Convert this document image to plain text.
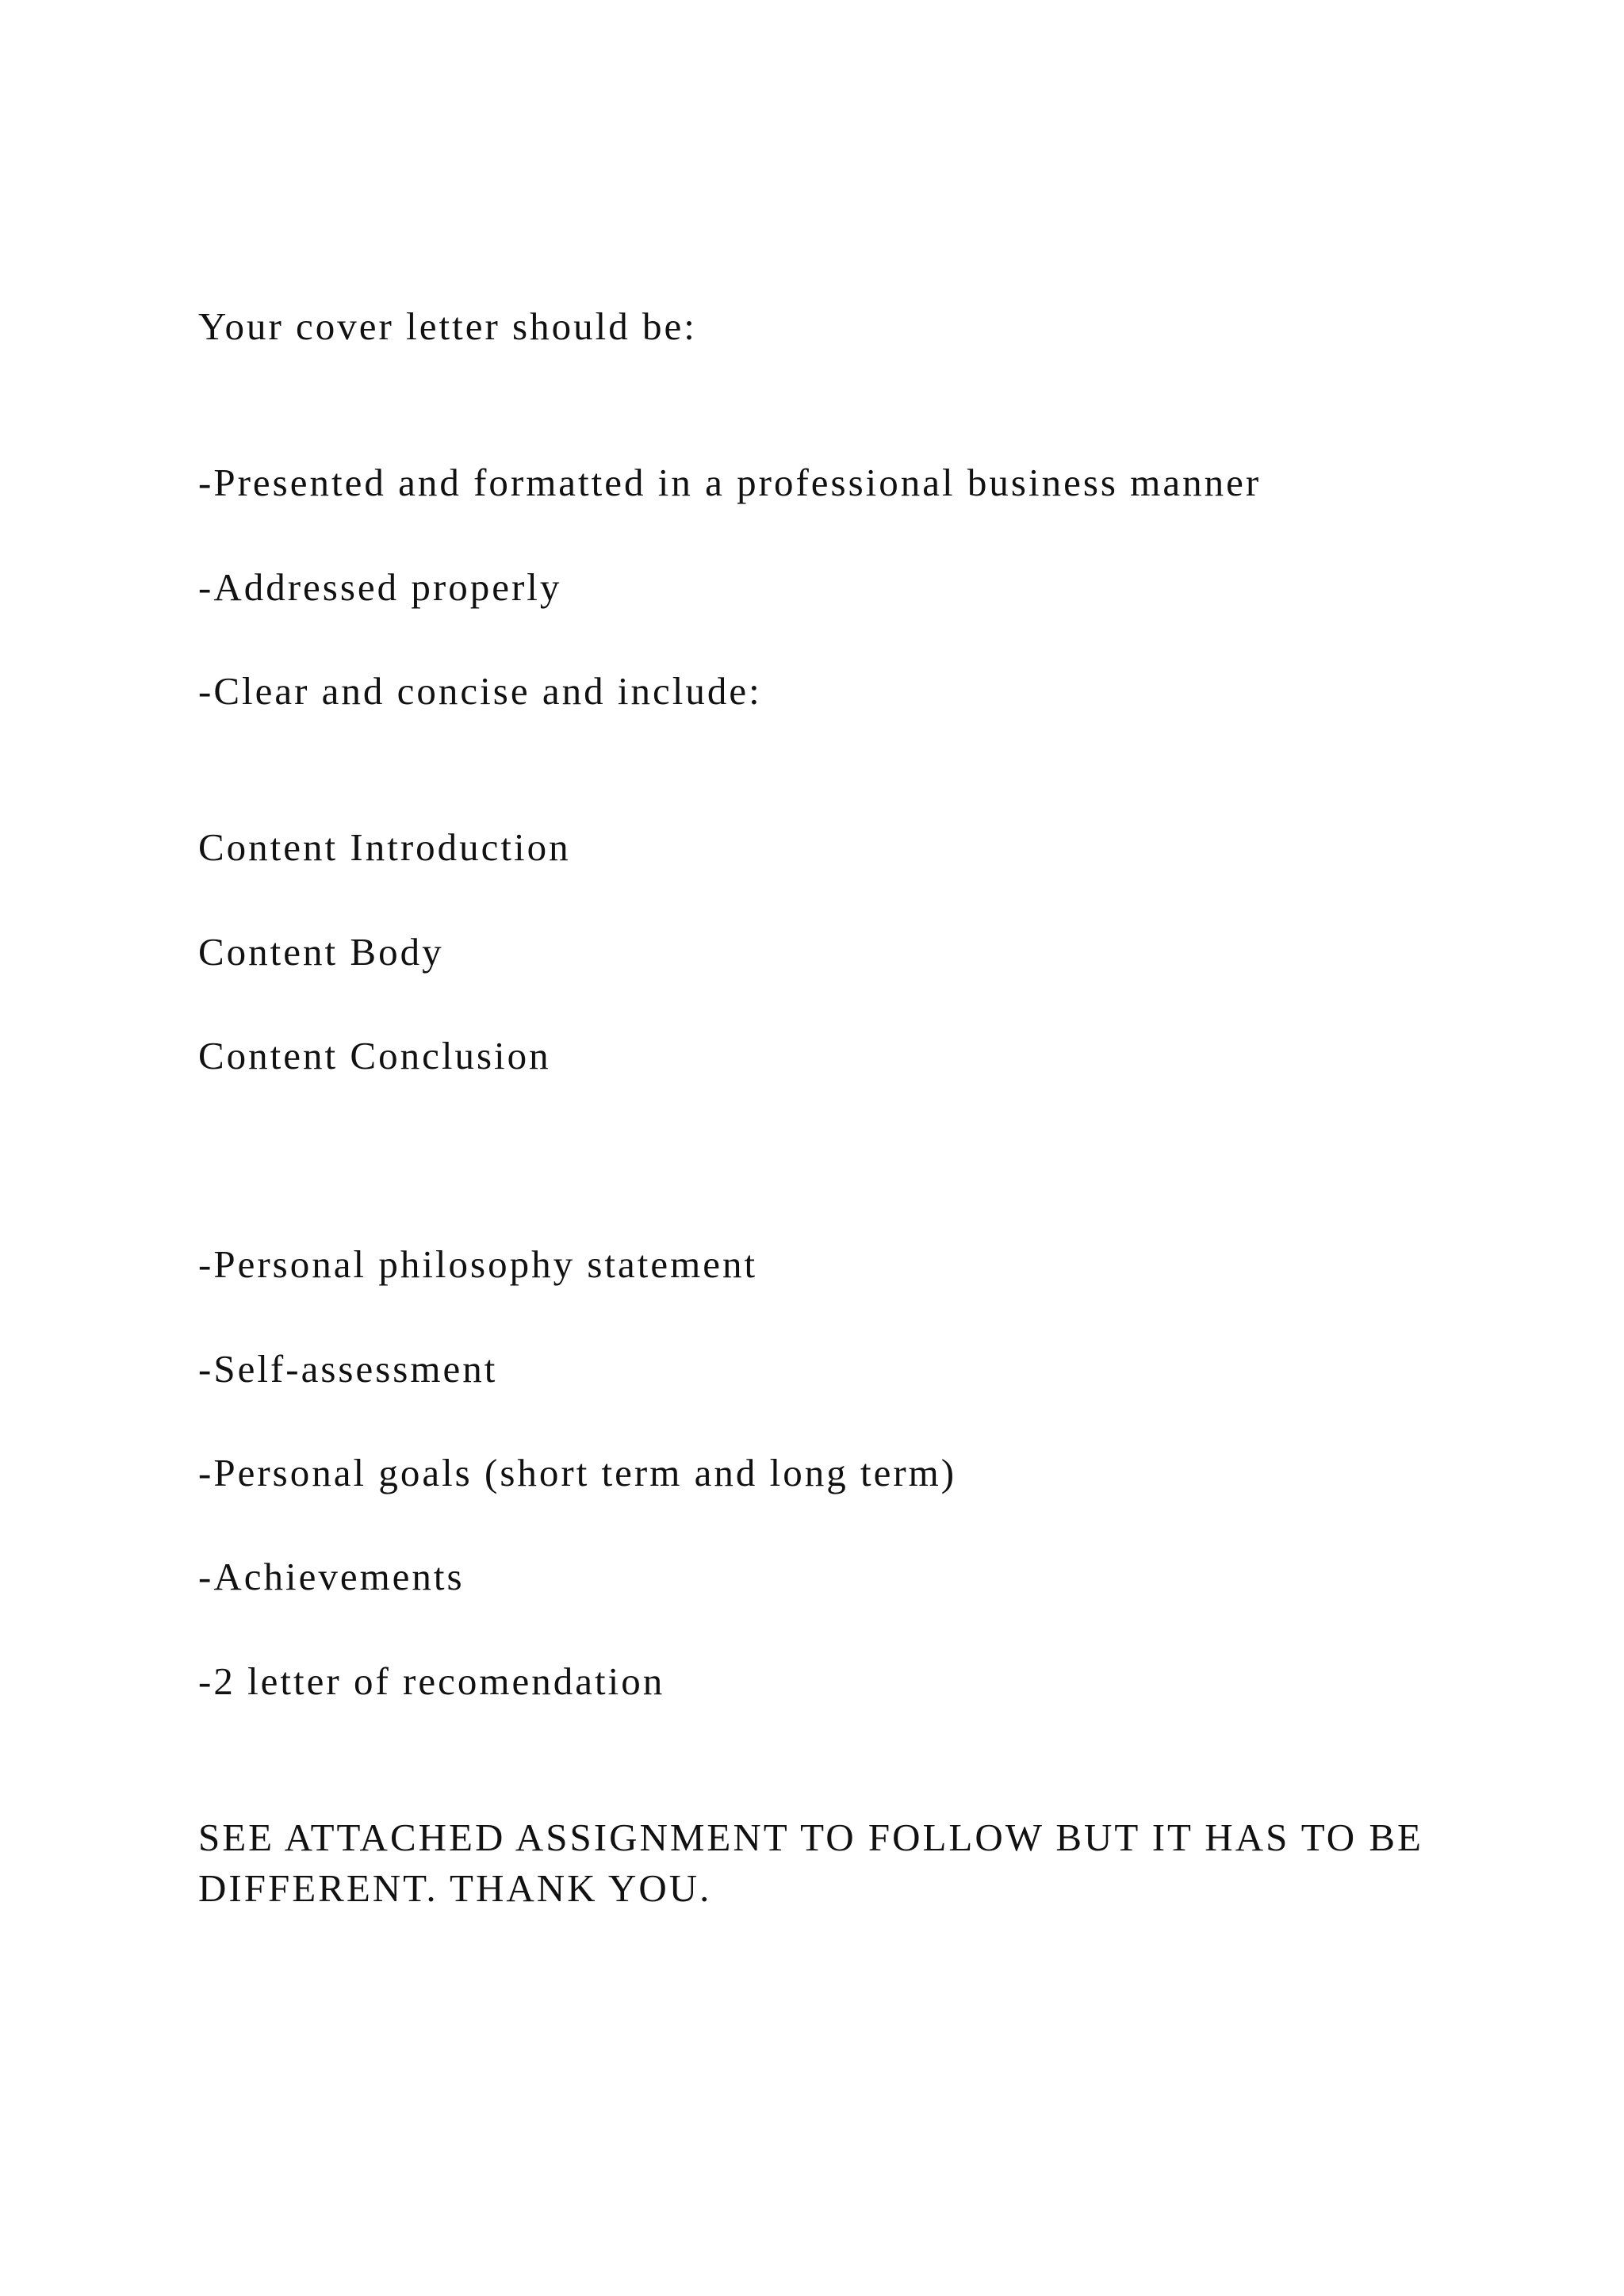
Your cover letter should be:

-Presented and formatted in a professional business manner

-Addressed properly

-Clear and concise and include:

Content Introduction

Content Body

Content Conclusion

-Personal philosophy statement

-Self-assessment

-Personal goals (short term and long term)

-Achievements

-2 letter of recomendation

SEE ATTACHED ASSIGNMENT TO FOLLOW BUT IT HAS TO BE DIFFERENT. THANK YOU.
